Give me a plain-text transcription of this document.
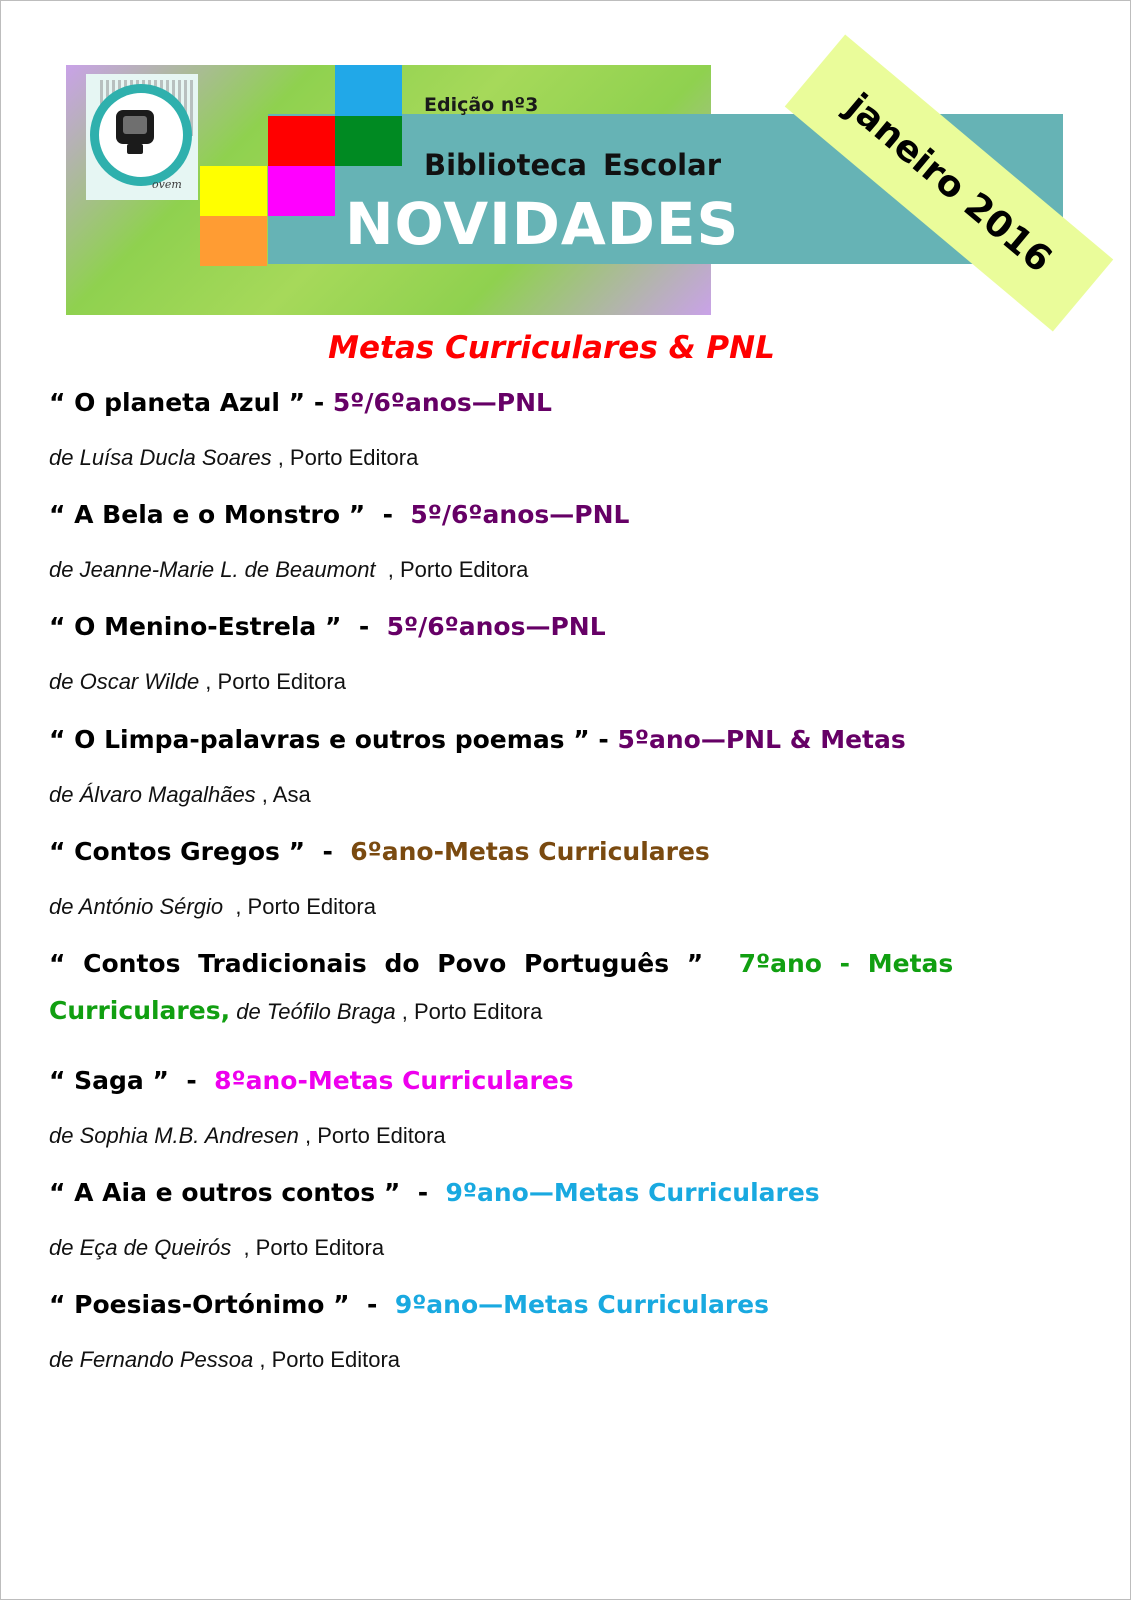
ovem
Edição nº3
Biblioteca Escolar
NOVIDADES	janeiro 2016
Metas Curriculares & PNL

“ O planeta Azul ” - 5º/6ºanos—PNL

de Luísa Ducla Soares , Porto Editora

“ A Bela e o Monstro ”  -  5º/6ºanos—PNL

de Jeanne-Marie L. de Beaumont  , Porto Editora

“ O Menino-Estrela ”  -  5º/6ºanos—PNL

de Oscar Wilde , Porto Editora

“ O Limpa-palavras e outros poemas ” - 5ºano—PNL & Metas

de Álvaro Magalhães , Asa

“ Contos Gregos ”  -  6ºano-Metas Curriculares

de António Sérgio  , Porto Editora

“ Contos Tradicionais do Povo Português ” 7ºano - Metas

Curriculares, de Teófilo Braga , Porto Editora

“ Saga ”  -  8ºano-Metas Curriculares

de Sophia M.B. Andresen , Porto Editora

“ A Aia e outros contos ”  -  9ºano—Metas Curriculares

de Eça de Queirós  , Porto Editora

“ Poesias-Ortónimo ”  -  9ºano—Metas Curriculares

de Fernando Pessoa , Porto Editora
